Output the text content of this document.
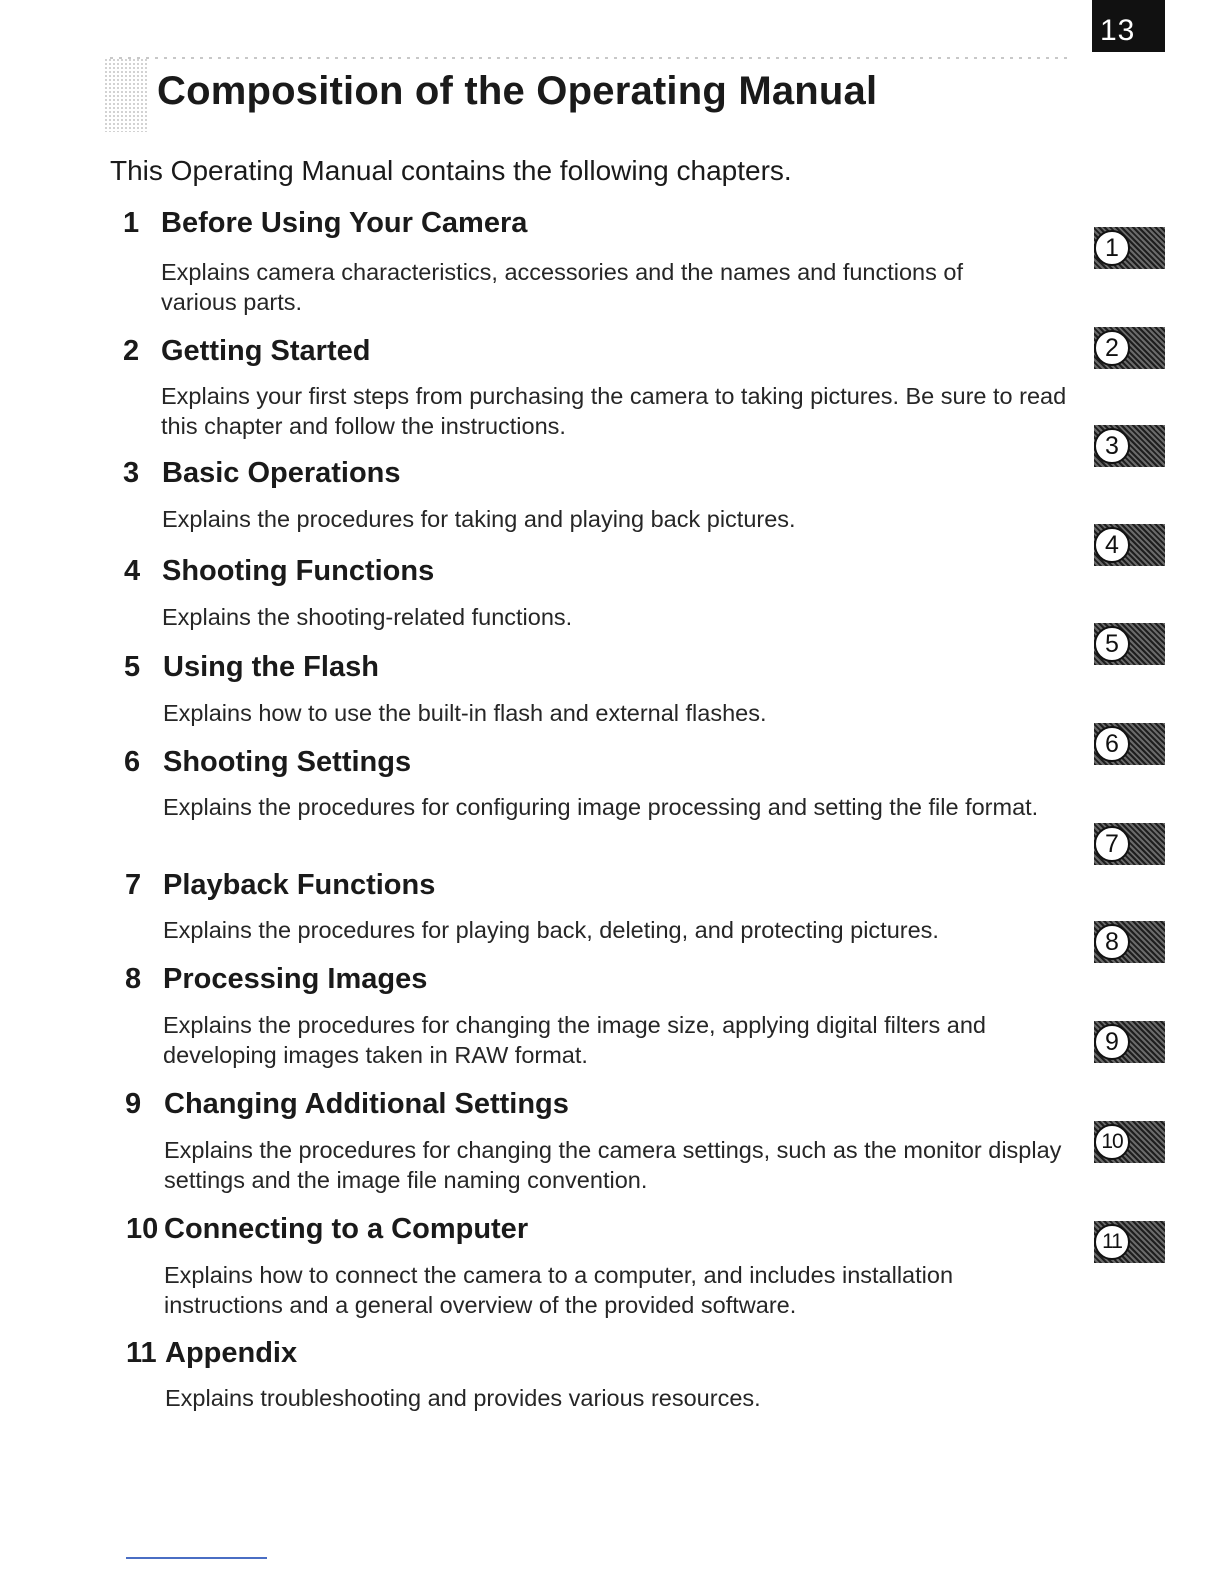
13
Composition of the Operating Manual

This Operating Manual contains the following chapters.

1 Before Using Your Camera
Explains camera characteristics, accessories and the names and functions of various parts.
2 Getting Started
Explains your first steps from purchasing the camera to taking pictures. Be sure to read this chapter and follow the instructions.
3 Basic Operations
Explains the procedures for taking and playing back pictures.
4 Shooting Functions
Explains the shooting-related functions.
5 Using the Flash
Explains how to use the built-in flash and external flashes.
6 Shooting Settings
Explains the procedures for configuring image processing and setting the file format.
7 Playback Functions
Explains the procedures for playing back, deleting, and protecting pictures.
8 Processing Images
Explains the procedures for changing the image size, applying digital filters and developing images taken in RAW format.
9 Changing Additional Settings
Explains the procedures for changing the camera settings, such as the monitor display settings and the image file naming convention.
10 Connecting to a Computer
Explains how to connect the camera to a computer, and includes installation instructions and a general overview of the provided software.
11 Appendix
Explains troubleshooting and provides various resources.
1
2
3
4
5
6
7
8
9
10
11
